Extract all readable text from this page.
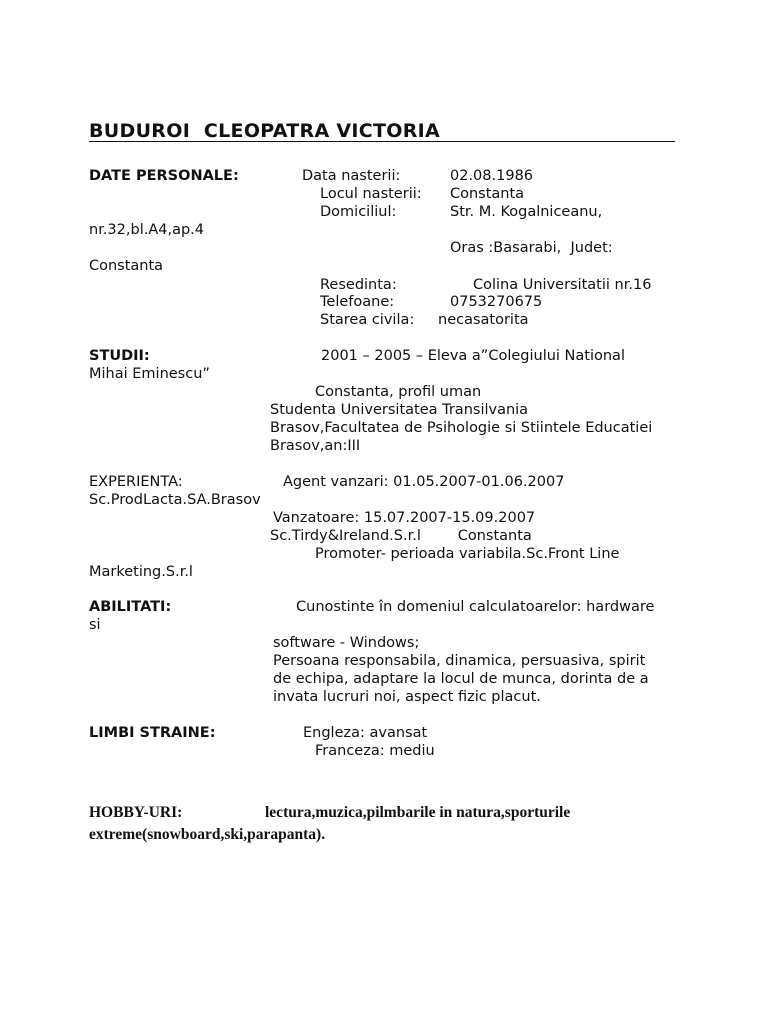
BUDUROI  CLEOPATRA VICTORIA
DATE PERSONALE:	Data nasterii:	02.08.1986
Locul nasterii: Constanta
Domiciliul:	Str. M. Kogalniceanu,
nr.32,bl.A4,ap.4
Oras :Basarabi,  Judet:
Constanta
Resedinta:	Colina Universitatii nr.16
Telefoane:	0753270675
Starea civila: necasatorita
STUDII:	2001 – 2005 – Eleva a”Colegiului National
Mihai Eminescu”
Constanta, profil uman
Studenta Universitatea Transilvania
Brasov,Facultatea de Psihologie si Stiintele Educatiei
Brasov,an:III
EXPERIENTA:	Agent vanzari: 01.05.2007-01.06.2007
Sc.ProdLacta.SA.Brasov
Vanzatoare: 15.07.2007-15.09.2007
Sc.Tirdy&Ireland.S.r.l        Constanta
Promoter- perioada variabila.Sc.Front Line
Marketing.S.r.l
ABILITATI:	Cunostinte în domeniul calculatoarelor: hardware
si
software - Windows;
Persoana responsabila, dinamica, persuasiva, spirit
de echipa, adaptare la locul de munca, dorinta de a
invata lucruri noi, aspect fizic placut.
LIMBI STRAINE:	Engleza: avansat
Franceza: mediu
HOBBY-URI:	lectura,muzica,pilmbarile in natura,sporturile
extreme(snowboard,ski,parapanta).
